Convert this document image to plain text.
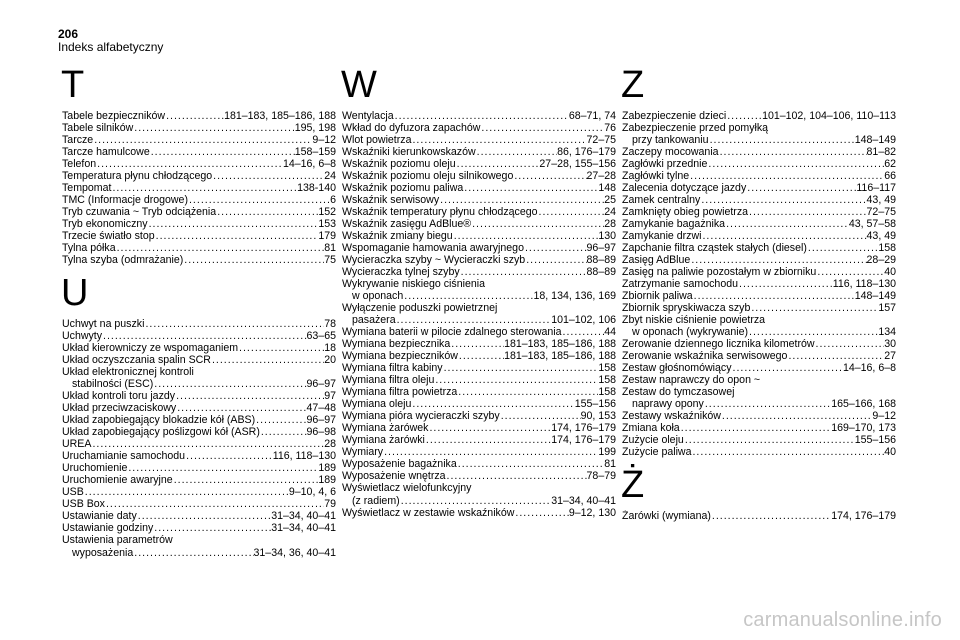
206
Indeks alfabetyczny
T
Tabele bezpieczników .....	181–183, 185–186, 188
Tabele silników .....	195, 198
Tarcze .....	9–12
Tarcze hamulcowe .....	158–159
Telefon .....	14–16, 6–8
Temperatura płynu chłodzącego .....	24
Tempomat .....	138-140
TMC (Informacje drogowe) .....	6
Tryb czuwania ~ Tryb odciążenia .....	152
Tryb ekonomiczny .....	153
Trzecie światło stop .....	179
Tylna półka .....	81
Tylna szyba (odmrażanie) .....	75
U
Uchwyt na puszki .....	78
Uchwyty .....	63–65
Układ kierowniczy ze wspomaganiem .....	18
Układ oczyszczania spalin SCR .....	20
Układ elektronicznej kontroli
stabilności (ESC) .....	96–97
Układ kontroli toru jazdy .....	97
Układ przeciwzaciskowy .....	47–48
Układ zapobiegający blokadzie kół (ABS) .....	96–97
Układ zapobiegający poślizgowi kół (ASR) .....	96–98
UREA .....	28
Uruchamianie samochodu .....	116, 118–130
Uruchomienie .....	189
Uruchomienie awaryjne .....	189
USB .....	9–10, 4, 6
USB Box .....	79
Ustawianie daty .....	31–34, 40–41
Ustawianie godziny .....	31–34, 40–41
Ustawienia parametrów
wyposażenia .....	31–34, 36, 40–41
W
Wentylacja .....	68–71, 74
Wkład do dyfuzora zapachów .....	76
Wlot powietrza .....	72–75
Wskaźniki kierunkowskazów .....	86, 176–179
Wskaźnik poziomu oleju .....	27–28, 155–156
Wskaźnik poziomu oleju silnikowego .....	27–28
Wskaźnik poziomu paliwa .....	148
Wskaźnik serwisowy .....	25
Wskaźnik temperatury płynu chłodzącego .....	24
Wskaźnik zasięgu AdBlue® .....	28
Wskaźnik zmiany biegu .....	130
Wspomaganie hamowania awaryjnego .....	96–97
Wycieraczka szyby ~ Wycieraczki szyb .....	88–89
Wycieraczka tylnej szyby .....	88–89
Wykrywanie niskiego ciśnienia
w oponach .....	18, 134, 136, 169
Wyłączenie poduszki powietrznej
pasażera .....	101–102, 106
Wymiana baterii w pilocie zdalnego sterowania .....	44
Wymiana bezpiecznika .....	181–183, 185–186, 188
Wymiana bezpieczników .....	181–183, 185–186, 188
Wymiana filtra kabiny .....	158
Wymiana filtra oleju .....	158
Wymiana filtra powietrza .....	158
Wymiana oleju .....	155–156
Wymiana pióra wycieraczki szyby .....	90, 153
Wymiana żarówek .....	174, 176–179
Wymiana żarówki .....	174, 176–179
Wymiary .....	199
Wyposażenie bagażnika .....	81
Wyposażenie wnętrza .....	78–79
Wyświetlacz wielofunkcyjny
(z radiem) .....	31–34, 40–41
Wyświetlacz w zestawie wskaźników .....	9–12, 130
Z
Zabezpieczenie dzieci .....	101–102, 104–106, 110–113
Zabezpieczenie przed pomyłką
przy tankowaniu .....	148–149
Zaczepy mocowania .....	81–82
Zagłówki przednie .....	62
Zagłówki tylne .....	66
Zalecenia dotyczące jazdy .....	116–117
Zamek centralny .....	43, 49
Zamknięty obieg powietrza .....	72–75
Zamykanie bagażnika .....	43, 57–58
Zamykanie drzwi .....	43, 49
Zapchanie filtra cząstek stałych (diesel) .....	158
Zasięg AdBlue .....	28–29
Zasięg na paliwie pozostałym w zbiorniku .....	40
Zatrzymanie samochodu .....	116, 118–130
Zbiornik paliwa .....	148–149
Zbiornik spryskiwacza szyb .....	157
Zbyt niskie ciśnienie powietrza
w oponach (wykrywanie) .....	134
Zerowanie dziennego licznika kilometrów .....	30
Zerowanie wskaźnika serwisowego .....	27
Zestaw głośnomówiący .....	14–16, 6–8
Zestaw naprawczy do opon ~
Zestaw do tymczasowej
naprawy opony .....	165–166, 168
Zestawy wskaźników .....	9–12
Zmiana koła .....	169–170, 173
Zużycie oleju .....	155–156
Zużycie paliwa .....	40
Ż
Żarówki (wymiana) .....	174, 176–179
carmanualsonline.info
